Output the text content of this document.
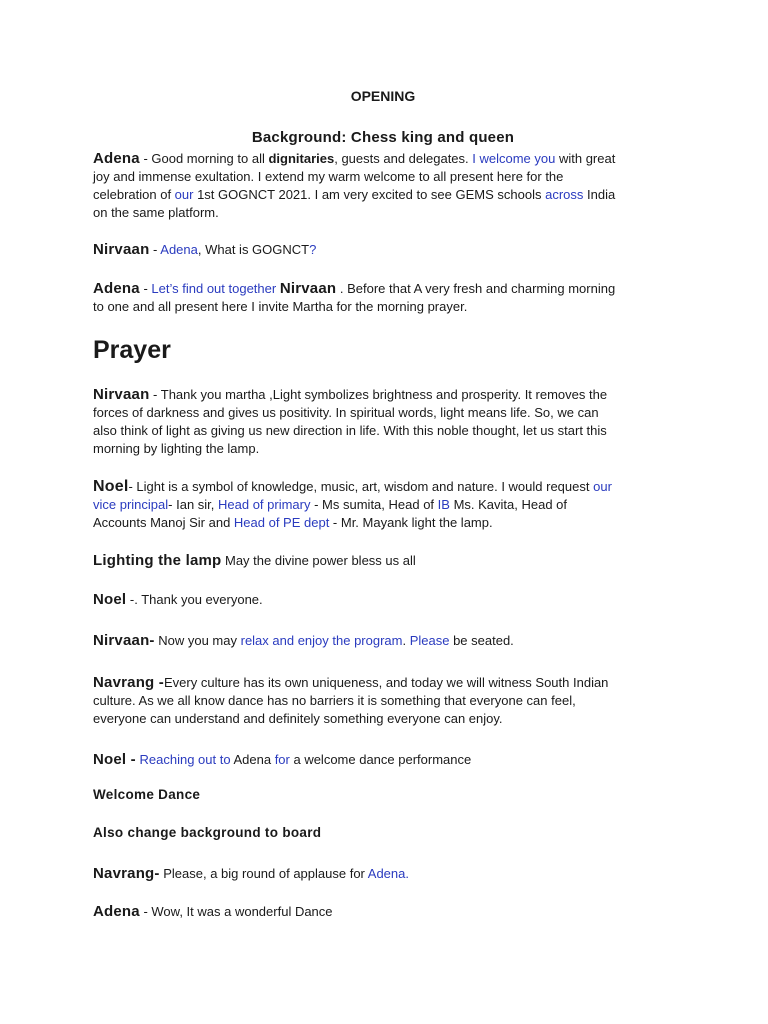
OPENING
Background: Chess king and queen
Adena - Good morning to all dignitaries, guests and delegates. I welcome you with great
joy and immense exultation. I extend my warm welcome to all present here for the
celebration of our 1st GOGNCT 2021. I am very excited to see GEMS schools across India
on the same platform.
Nirvaan - Adena, What is GOGNCT?
Adena - Let’s find out together Nirvaan . Before that A very fresh and charming morning
to one and all present here I invite Martha for the morning prayer.
Prayer
Nirvaan - Thank you martha ,Light symbolizes brightness and prosperity. It removes the
forces of darkness and gives us positivity. In spiritual words, light means life. So, we can
also think of light as giving us new direction in life. With this noble thought, let us start this
morning by lighting the lamp.
Noel- Light is a symbol of knowledge, music, art, wisdom and nature. I would request our
vice principal- Ian sir, Head of primary - Ms sumita, Head of IB Ms. Kavita, Head of
Accounts Manoj Sir and Head of PE dept - Mr. Mayank light the lamp.
Lighting the lamp May the divine power bless us all
Noel -. Thank you everyone.
Nirvaan- Now you may relax and enjoy the program. Please be seated.
Navrang -Every culture has its own uniqueness, and today we will witness South Indian
culture. As we all know dance has no barriers it is something that everyone can feel,
everyone can understand and definitely something everyone can enjoy.
Noel - Reaching out to Adena for a welcome dance performance
Welcome Dance
Also change background to board
Navrang- Please, a big round of applause for Adena.
Adena - Wow, It was a wonderful Dance
